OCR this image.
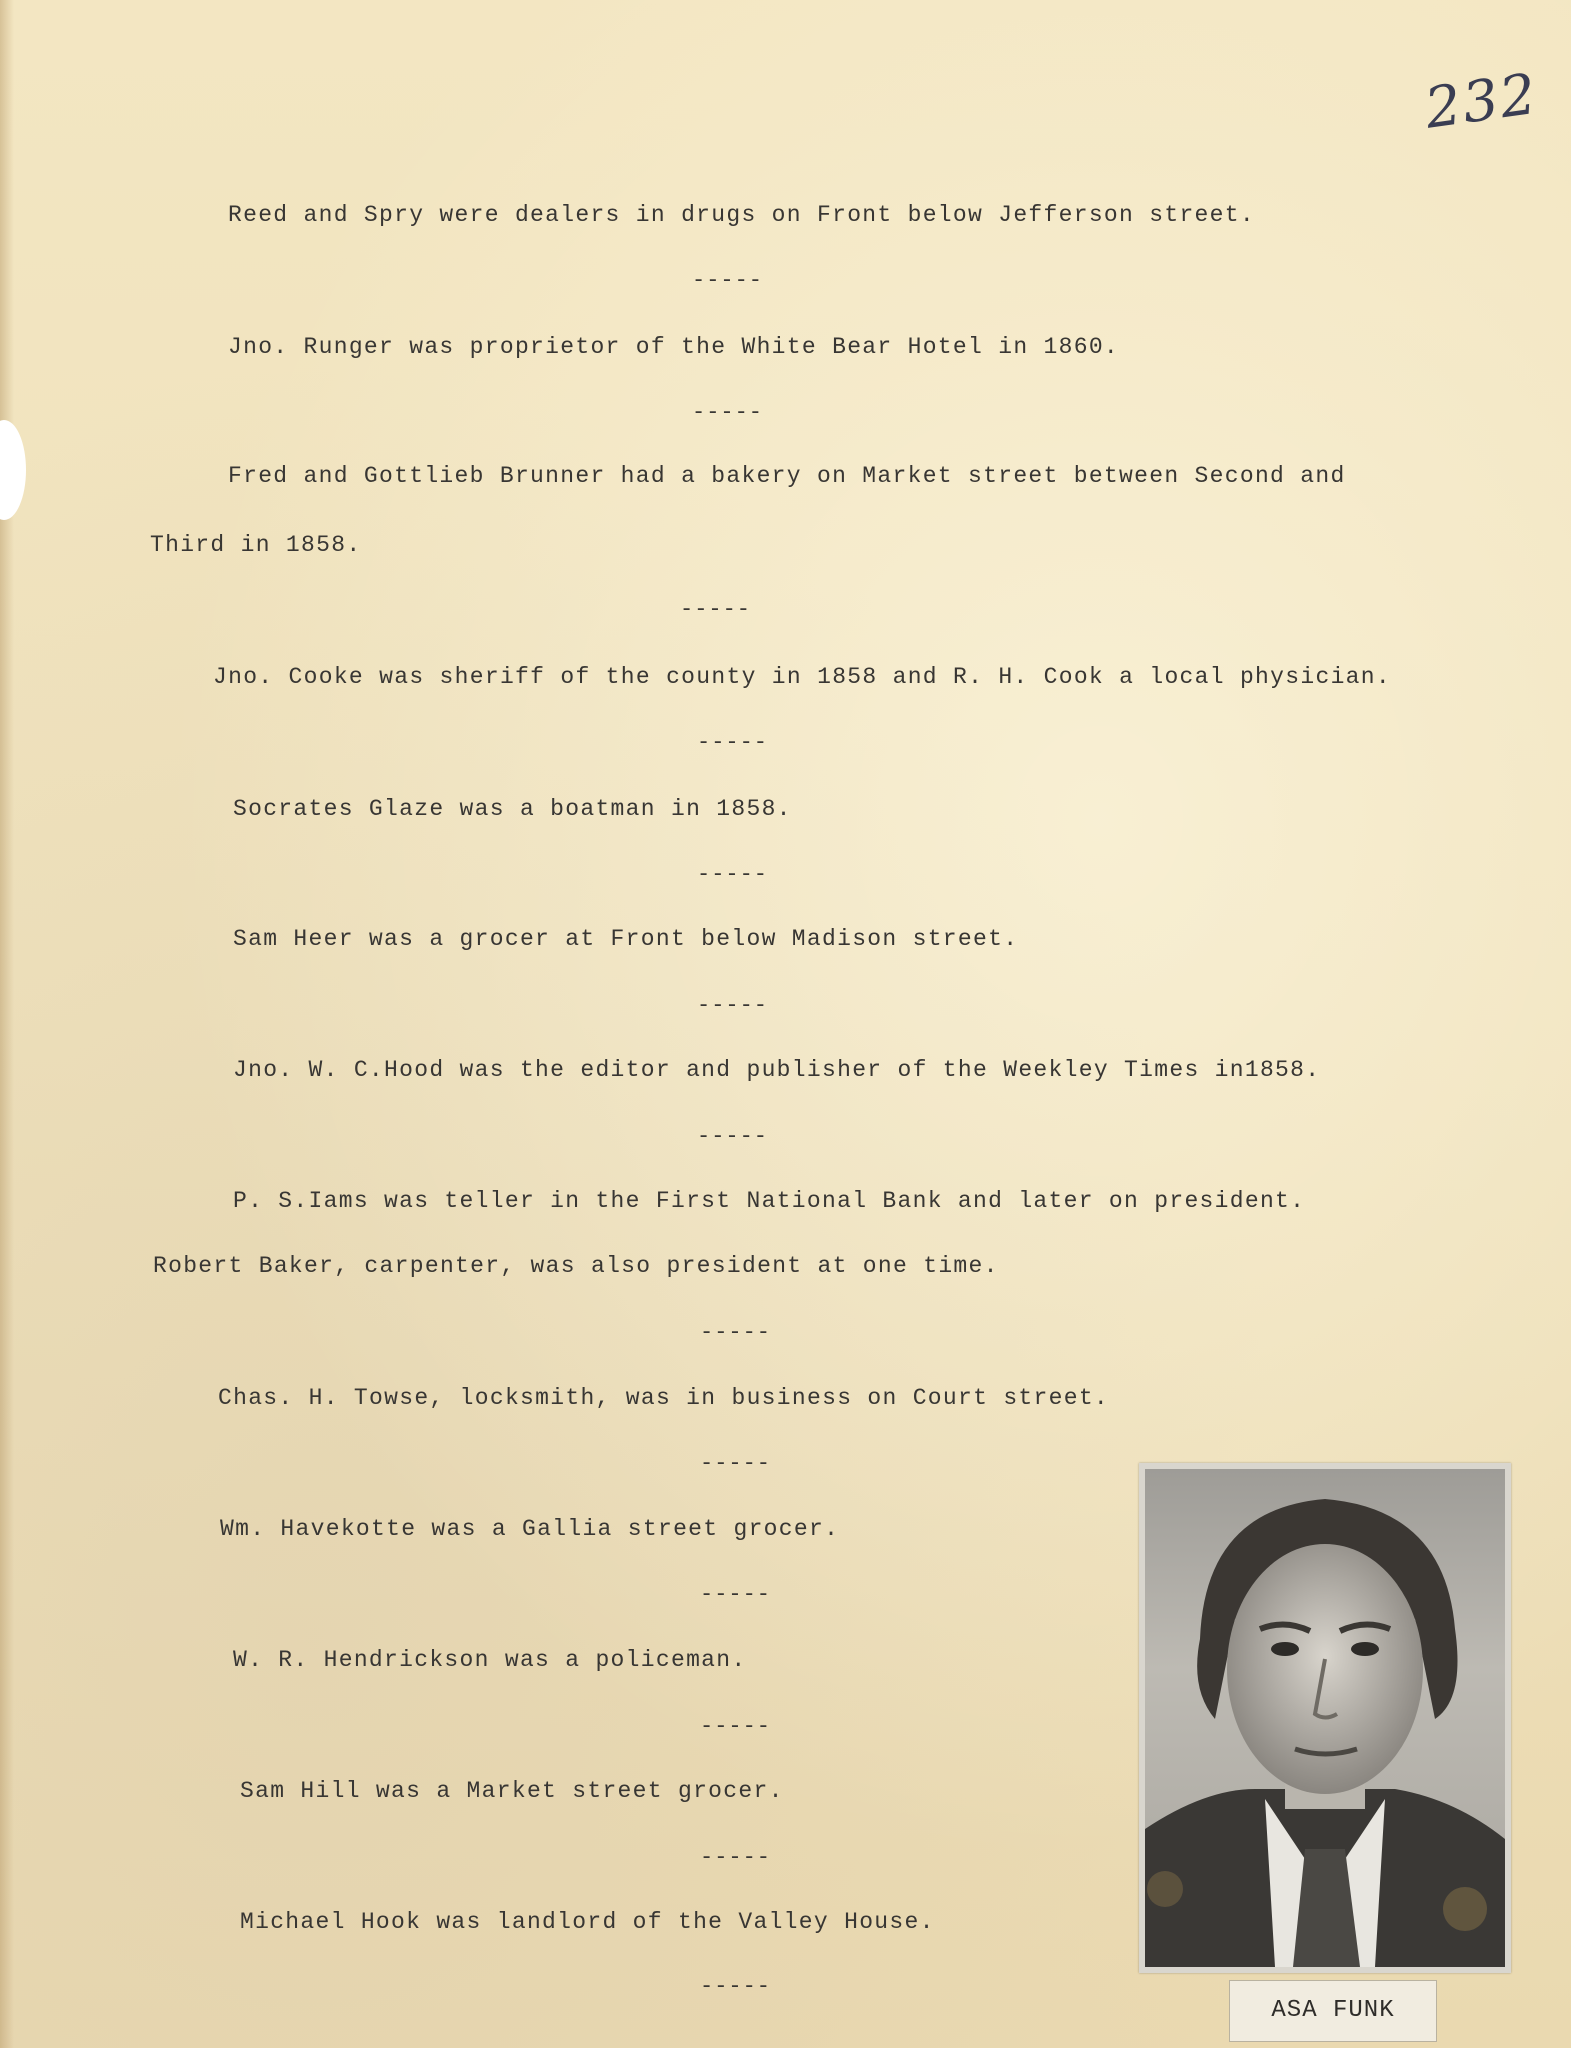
232
Reed and Spry were dealers in drugs on Front below Jefferson street.
-----
Jno. Runger was proprietor of the White Bear Hotel in 1860.
-----
Fred and Gottlieb Brunner had a bakery on Market street between Second and
Third in 1858.
-----
Jno. Cooke was sheriff of the county in 1858 and R. H. Cook a local physician.
-----
Socrates Glaze was a boatman in 1858.
-----
Sam Heer was a grocer at Front below Madison street.
-----
Jno. W. C.Hood was the editor and publisher of the Weekley Times in1858.
-----
P. S.Iams was teller in the First National Bank and later on president.
Robert Baker, carpenter, was also president at one time.
-----
Chas. H. Towse, locksmith, was in business on Court street.
-----
Wm. Havekotte was a Gallia street grocer.
-----
W. R. Hendrickson was a policeman.
-----
Sam Hill was a Market street grocer.
-----
Michael Hook was landlord of the Valley House.
-----
ASA FUNK
